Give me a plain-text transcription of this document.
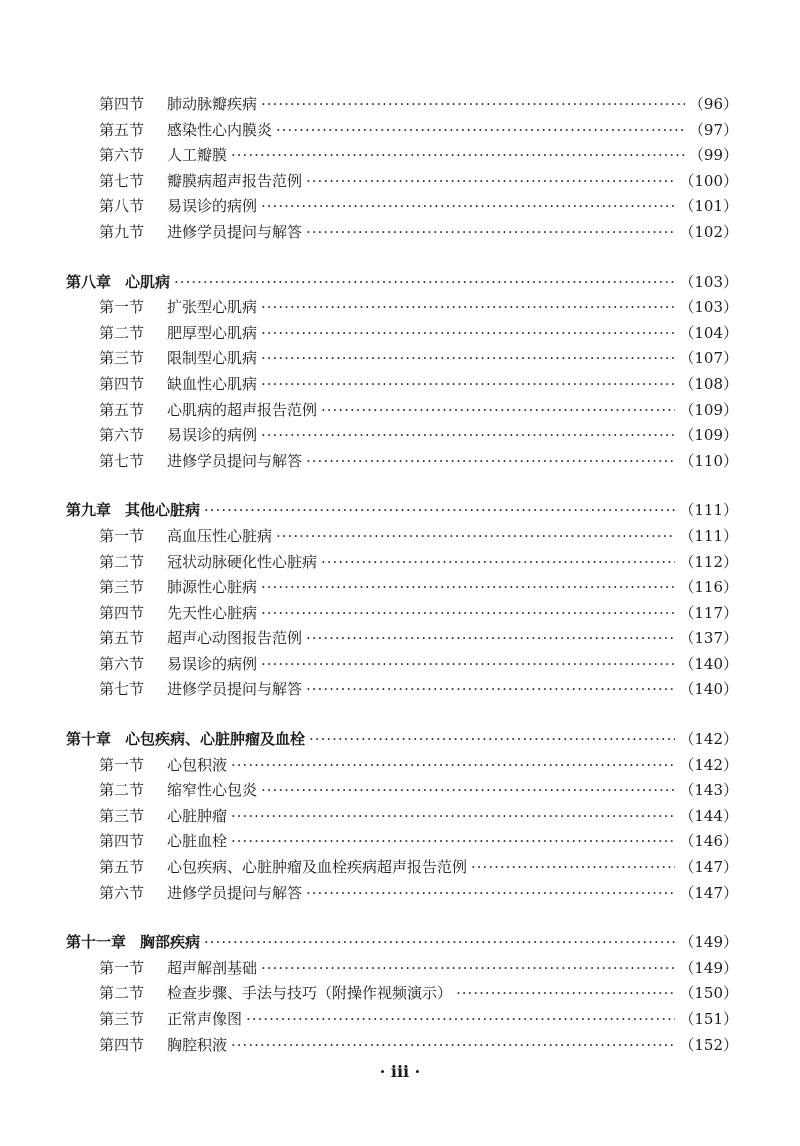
第四节 肺动脉瓣疾病 ·····	（96）
第五节 感染性心内膜炎 ·····	（97）
第六节 人工瓣膜 ·····	（99）
第七节 瓣膜病超声报告范例 ·····	（100）
第八节 易误诊的病例 ·····	（101）
第九节 进修学员提问与解答 ·····	（102）
第八章 心肌病 ·····	（103）
第一节 扩张型心肌病 ·····	（103）
第二节 肥厚型心肌病 ·····	（104）
第三节 限制型心肌病 ·····	（107）
第四节 缺血性心肌病 ·····	（108）
第五节 心肌病的超声报告范例 ·····	（109）
第六节 易误诊的病例 ·····	（109）
第七节 进修学员提问与解答 ·····	（110）
第九章 其他心脏病 ·····	（111）
第一节 高血压性心脏病 ·····	（111）
第二节 冠状动脉硬化性心脏病 ·····	（112）
第三节 肺源性心脏病 ·····	（116）
第四节 先天性心脏病 ·····	（117）
第五节 超声心动图报告范例 ·····	（137）
第六节 易误诊的病例 ·····	（140）
第七节 进修学员提问与解答 ·····	（140）
第十章 心包疾病、心脏肿瘤及血栓 ·····	（142）
第一节 心包积液 ·····	（142）
第二节 缩窄性心包炎 ·····	（143）
第三节 心脏肿瘤 ·····	（144）
第四节 心脏血栓 ·····	（146）
第五节 心包疾病、心脏肿瘤及血栓疾病超声报告范例 ·····	（147）
第六节 进修学员提问与解答 ·····	（147）
第十一章 胸部疾病 ·····	（149）
第一节 超声解剖基础 ·····	（149）
第二节 检查步骤、手法与技巧（附操作视频演示） ·····	（150）
第三节 正常声像图 ·····	（151）
第四节 胸腔积液 ·····	（152）
· iii ·
